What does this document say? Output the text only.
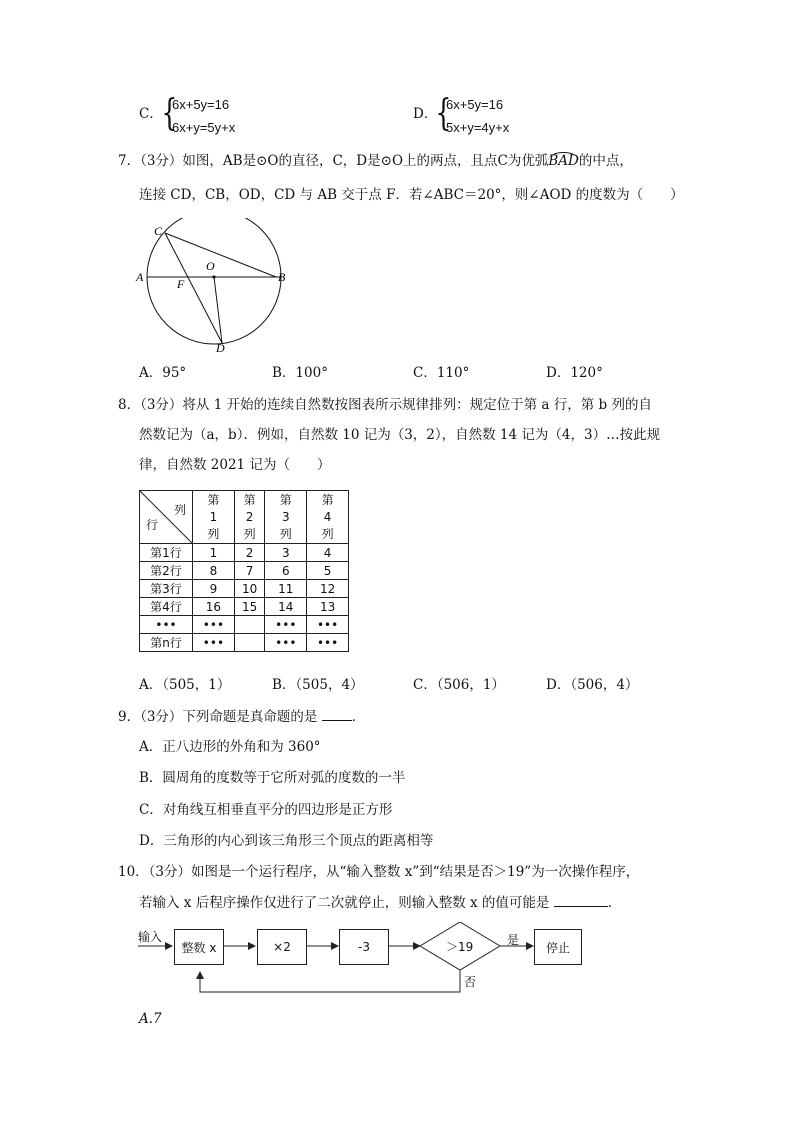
C．
{
6x+5y=16
6x+y=5y+x
D．
{
6x+5y=16
5x+y=4y+x
7．（3分）如图，AB是⊙O的直径，C，D是⊙O上的两点，且点C为优弧BAD的中点，
连接 CD，CB，OD，CD 与 AB 交于点 F．若∠ABC＝20°，则∠AOD 的度数为（　　）
C
O
A	F	B
D
A．95°	B．100°	C．110°	D．120°
8．（3分）将从 1 开始的连续自然数按图表所示规律排列：规定位于第 a 行，第 b 列的自
然数记为（a，b）．例如，自然数 10 记为（3，2），自然数 14 记为（4，3）…按此规
律，自然数 2021 记为（　　）
列
行	第
1
列	第
2
列	第
3
列	第
4
列
第1行	1	2	3	4
第2行	8	7	6	5
第3行	9	10	11	12
第4行	16	15	14	13
•••	•••		•••	•••
第n行	•••		•••	•••
A．（505，1）	B．（505，4）	C．（506，1）	D．（506，4）
9．（3分）下列命题是真命题的是	．
A．正八边形的外角和为 360°
B．圆周角的度数等于它所对弧的度数的一半
C．对角线互相垂直平分的四边形是正方形
D．三角形的内心到该三角形三个顶点的距离相等
10．（3分）如图是一个运行程序，从“输入整数 x”到“结果是否＞19”为一次操作程序，
若输入 x 后程序操作仅进行了二次就停止，则输入整数 x 的值可能是	．
输入
整数 x	×2	-3	＞19	是
否
停止
A.7
